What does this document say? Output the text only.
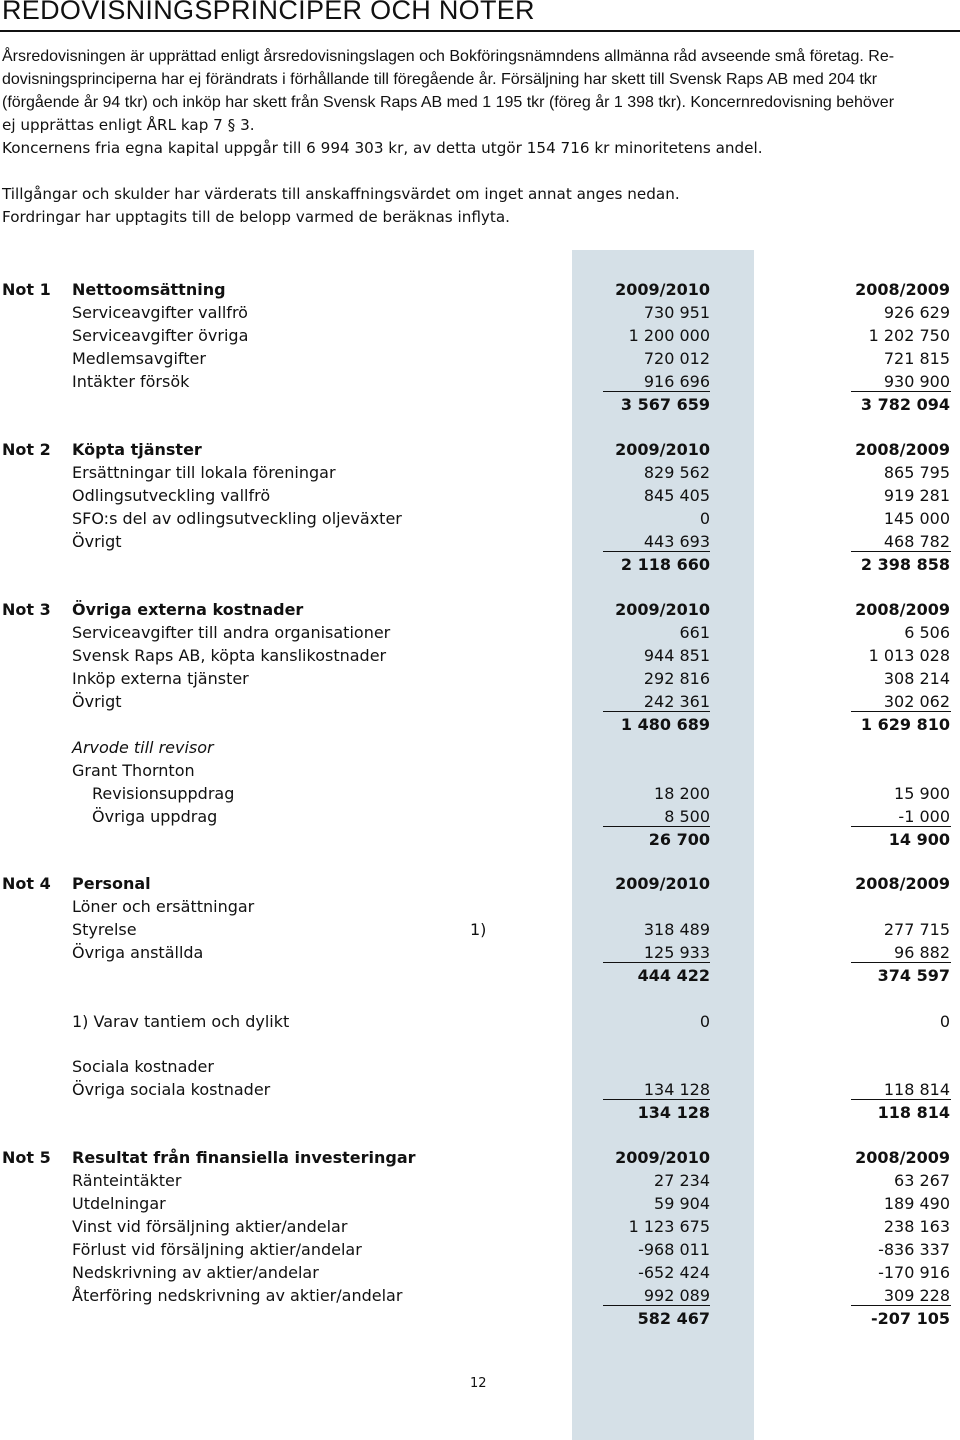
REDOVISNINGSPRINCIPER OCH NOTER
Årsredovisningen är upprättad enligt årsredovisningslagen och Bokföringsnämndens allmänna råd avseende små företag. Re-
dovisningsprinciperna har ej förändrats i förhållande till föregående år. Försäljning har skett till Svensk Raps AB med 204 tkr
(förgående år 94 tkr) och inköp har skett från Svensk Raps AB med 1 195 tkr (föreg år 1 398 tkr). Koncernredovisning behöver
ej upprättas enligt ÅRL kap 7 § 3.
Koncernens fria egna kapital uppgår till 6 994 303 kr, av detta utgör 154 716 kr minoritetens andel.
Tillgångar och skulder har värderats till anskaffningsvärdet om inget annat anges nedan.
Fordringar har upptagits till de belopp varmed de beräknas inflyta.
Not 1 Nettoomsättning	2009/2010	2008/2009
Serviceavgifter vallfrö	730 951	926 629
Serviceavgifter övriga	1 200 000	1 202 750
Medlemsavgifter	720 012	721 815
Intäkter försök	916 696	930 900
3 567 659	3 782 094
Not 2 Köpta tjänster	2009/2010	2008/2009
Ersättningar till lokala föreningar	829 562	865 795
Odlingsutveckling vallfrö	845 405	919 281
SFO:s del av odlingsutveckling oljeväxter	0	145 000
Övrigt	443 693	468 782
2 118 660	2 398 858
Not 3 Övriga externa kostnader	2009/2010	2008/2009
Serviceavgifter till andra organisationer	661	6 506
Svensk Raps AB, köpta kanslikostnader	944 851	1 013 028
Inköp externa tjänster	292 816	308 214
Övrigt	242 361	302 062
1 480 689	1 629 810
Arvode till revisor
Grant Thornton
Revisionsuppdrag	18 200	15 900
Övriga uppdrag	8 500	-1 000
26 700	14 900
Not 4 Personal	2009/2010	2008/2009
Löner och ersättningar
Styrelse	1)	318 489	277 715
Övriga anställda	125 933	96 882
444 422	374 597
1) Varav tantiem och dylikt	0	0
Sociala kostnader
Övriga sociala kostnader	134 128	118 814
134 128	118 814
Not 5 Resultat från finansiella investeringar	2009/2010	2008/2009
Ränteintäkter	27 234	63 267
Utdelningar	59 904	189 490
Vinst vid försäljning aktier/andelar	1 123 675	238 163
Förlust vid försäljning aktier/andelar	-968 011	-836 337
Nedskrivning av aktier/andelar	-652 424	-170 916
Återföring nedskrivning av aktier/andelar	992 089	309 228
582 467	-207 105
12
